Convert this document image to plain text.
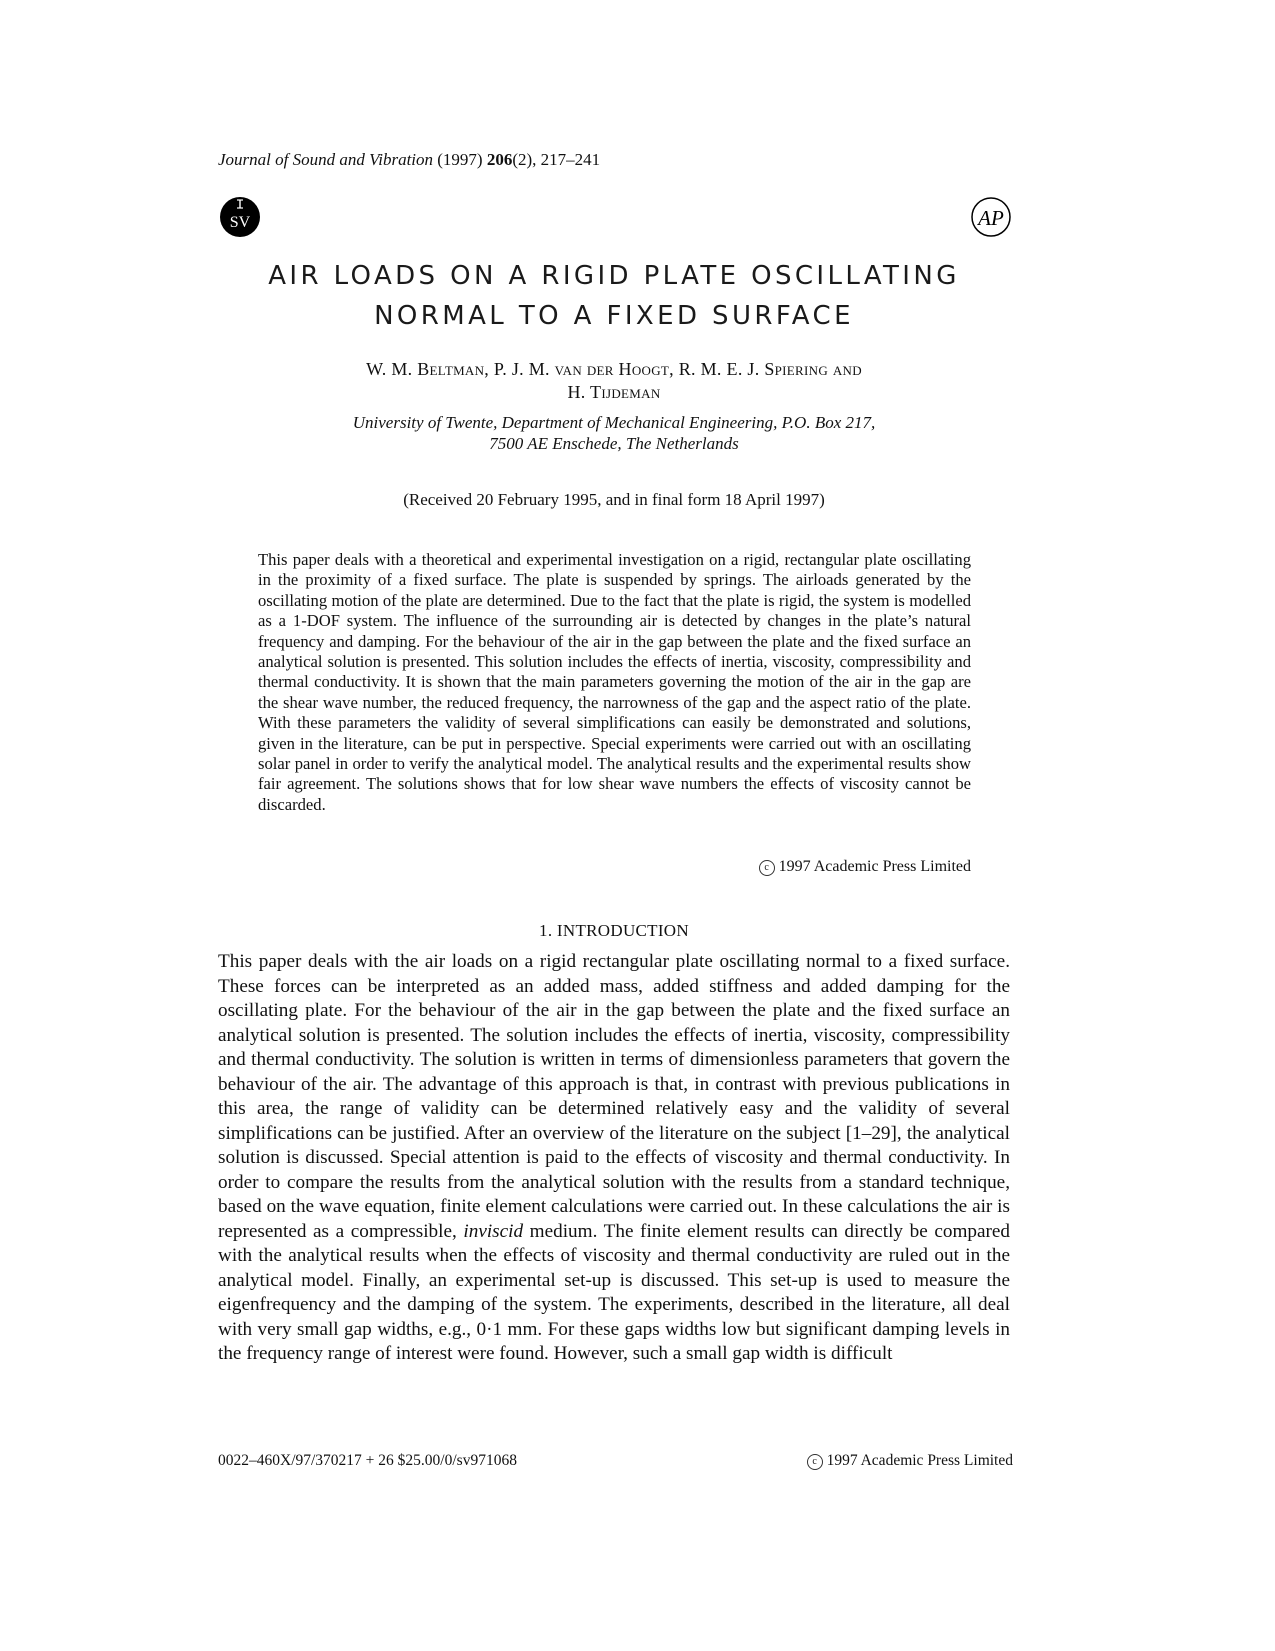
Journal of Sound and Vibration (1997) 206(2), 217–241
SV	AP
AIR LOADS ON A RIGID PLATE OSCILLATING
NORMAL TO A FIXED SURFACE
W. M. Beltman, P. J. M. van der Hoogt, R. M. E. J. Spiering and
H. Tijdeman
University of Twente, Department of Mechanical Engineering, P.O. Box 217,
7500 AE Enschede, The Netherlands
(Received 20 February 1995, and in final form 18 April 1997)
This paper deals with a theoretical and experimental investigation on a rigid, rectangular plate oscillating in the proximity of a fixed surface. The plate is suspended by springs. The airloads generated by the oscillating motion of the plate are determined. Due to the fact that the plate is rigid, the system is modelled as a 1-DOF system. The influence of the surrounding air is detected by changes in the plate’s natural frequency and damping. For the behaviour of the air in the gap between the plate and the fixed surface an analytical solution is presented. This solution includes the effects of inertia, viscosity, compressibility and thermal conductivity. It is shown that the main parameters governing the motion of the air in the gap are the shear wave number, the reduced frequency, the narrowness of the gap and the aspect ratio of the plate. With these parameters the validity of several simplifications can easily be demonstrated and solutions, given in the literature, can be put in perspective. Special experiments were carried out with an oscillating solar panel in order to verify the analytical model. The analytical results and the experimental results show fair agreement. The solutions shows that for low shear wave numbers the effects of viscosity cannot be discarded.
c 1997 Academic Press Limited
1. INTRODUCTION
This paper deals with the air loads on a rigid rectangular plate oscillating normal to a fixed surface. These forces can be interpreted as an added mass, added stiffness and added damping for the oscillating plate. For the behaviour of the air in the gap between the plate and the fixed surface an analytical solution is presented. The solution includes the effects of inertia, viscosity, compressibility and thermal conductivity. The solution is written in terms of dimensionless parameters that govern the behaviour of the air. The advantage of this approach is that, in contrast with previous publications in this area, the range of validity can be determined relatively easy and the validity of several simplifications can be justified. After an overview of the literature on the subject [1–29], the analytical solution is discussed. Special attention is paid to the effects of viscosity and thermal conductivity. In order to compare the results from the analytical solution with the results from a standard technique, based on the wave equation, finite element calculations were carried out. In these calculations the air is represented as a compressible, inviscid medium. The finite element results can directly be compared with the analytical results when the effects of viscosity and thermal conductivity are ruled out in the analytical model. Finally, an experimental set-up is discussed. This set-up is used to measure the eigenfrequency and the damping of the system. The experiments, described in the literature, all deal with very small gap widths, e.g., 0·1 mm. For these gaps widths low but significant damping levels in the frequency range of interest were found. However, such a small gap width is difficult
0022–460X/97/370217 + 26 $25.00/0/sv971068	c 1997 Academic Press Limited
